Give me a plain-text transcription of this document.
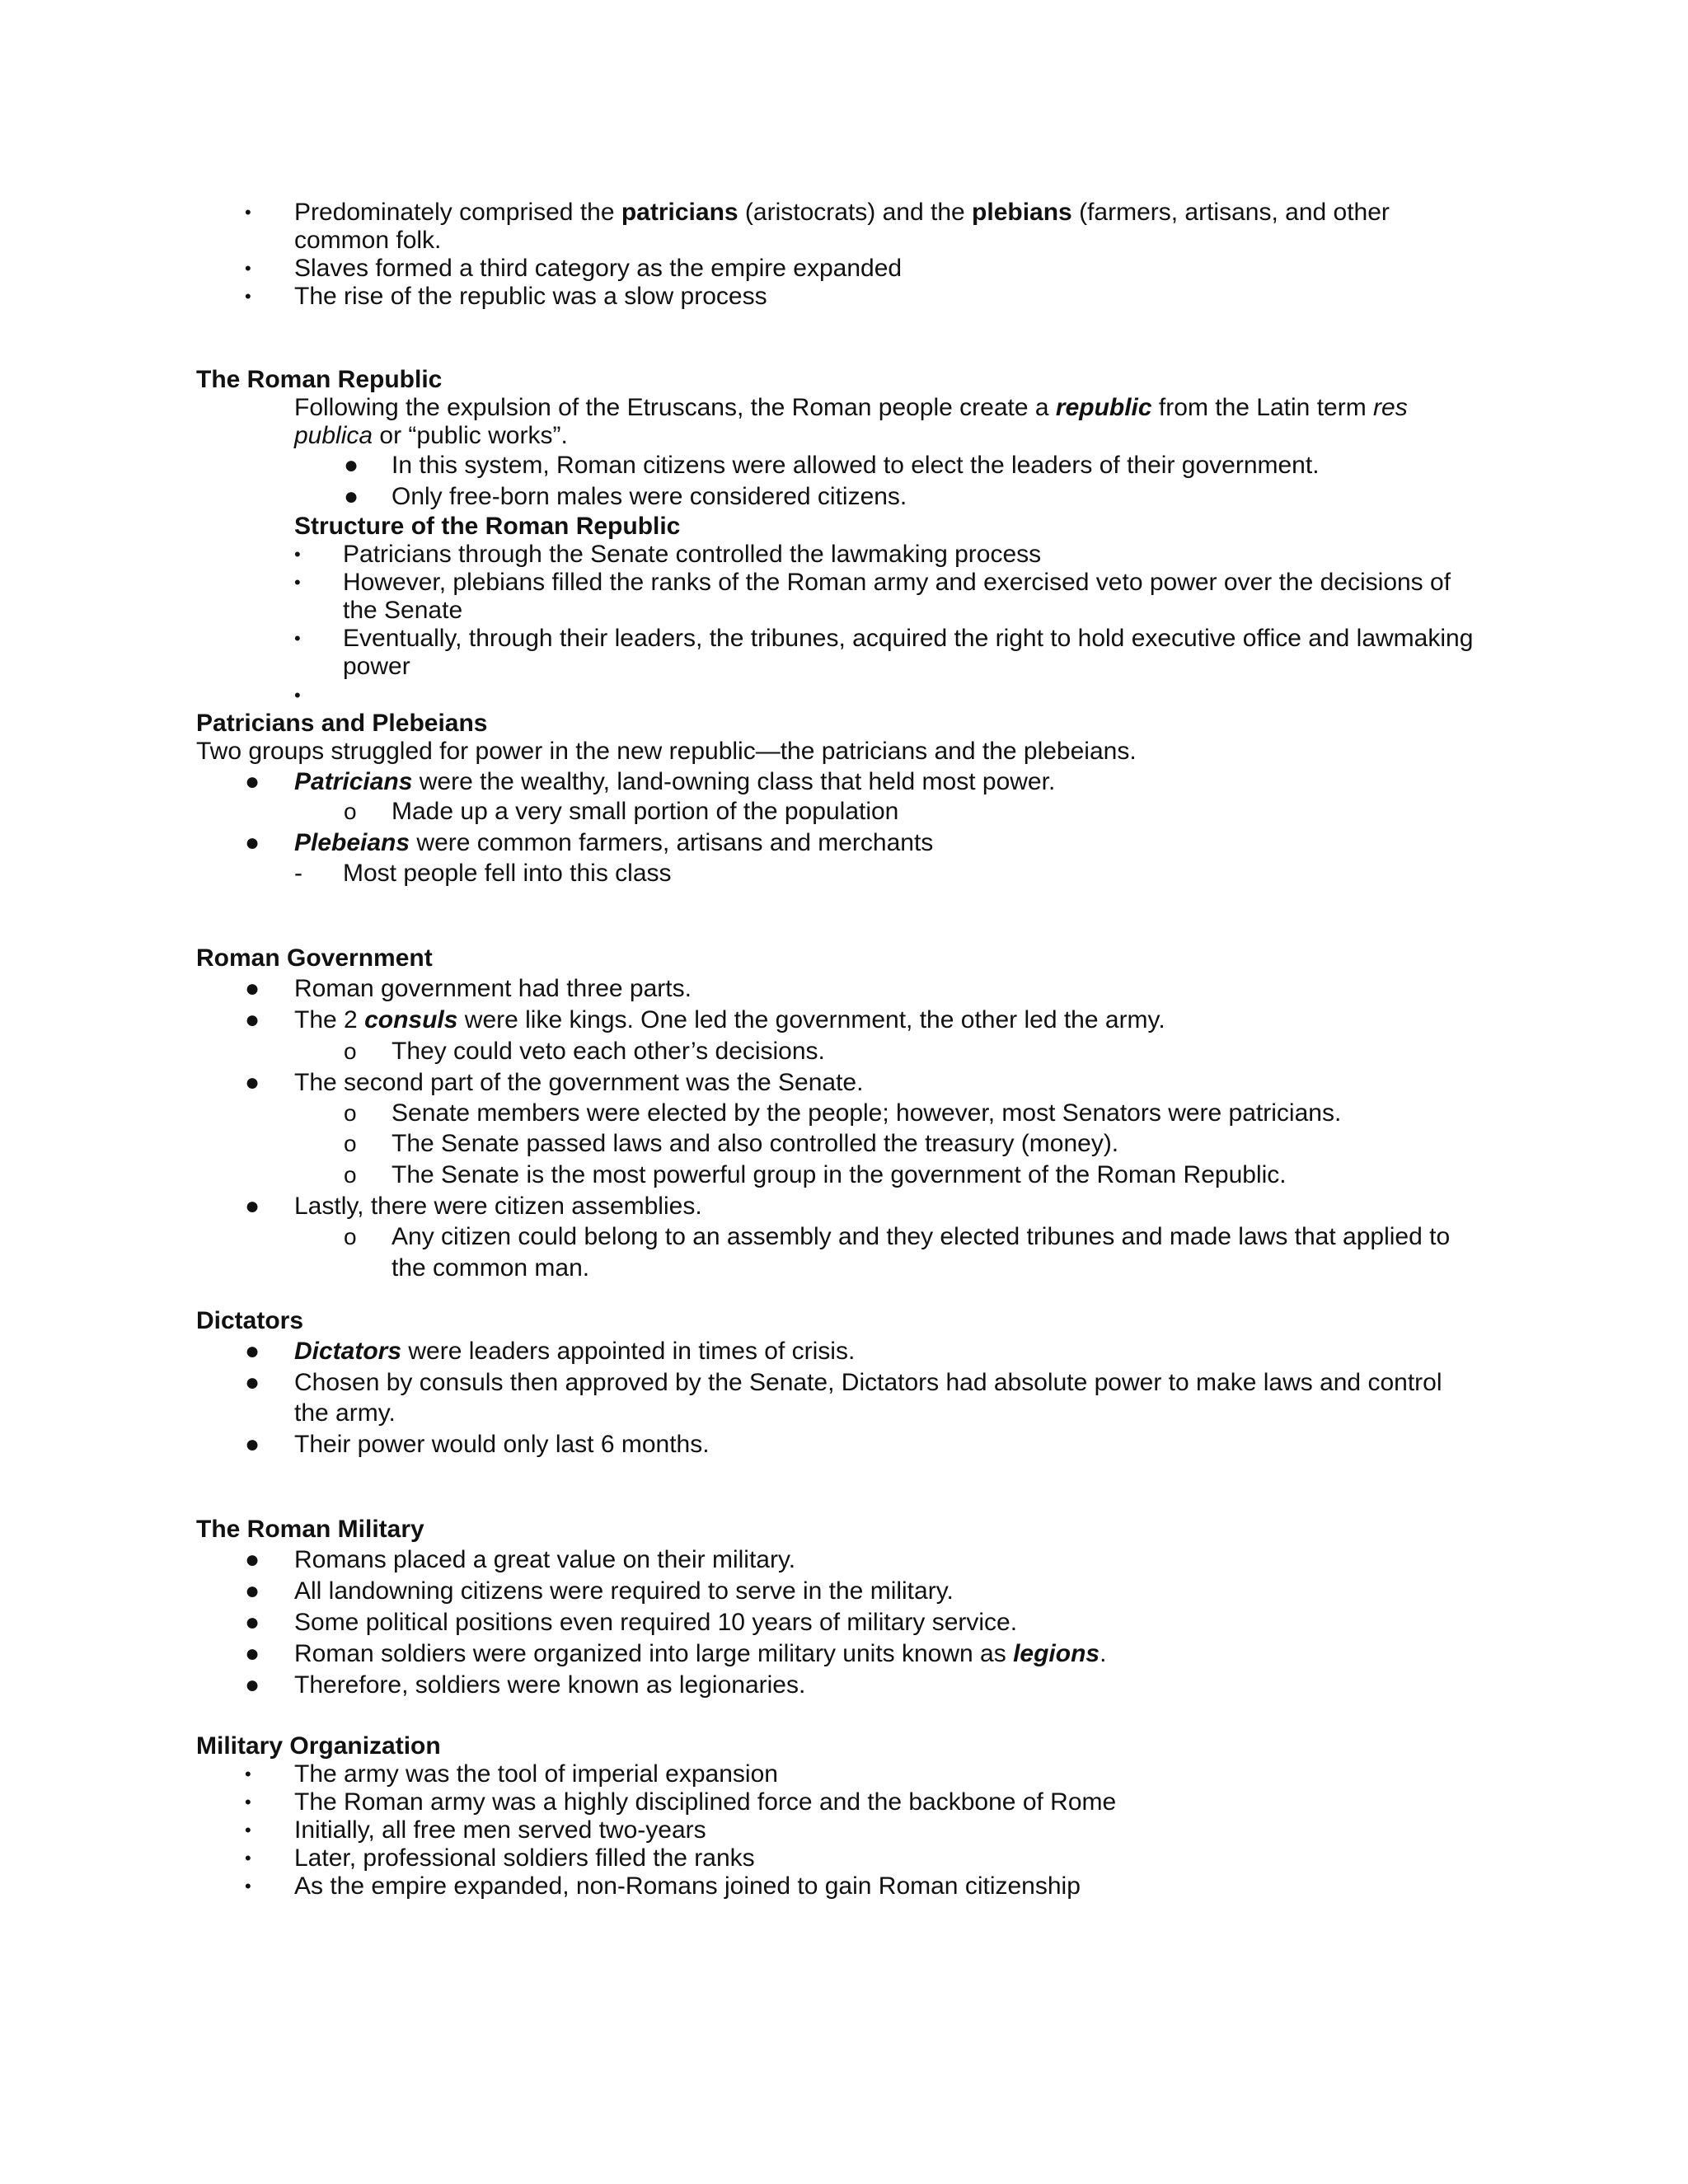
• Predominately comprised the patricians (aristocrats) and the plebians (farmers, artisans, and other
common folk.
• Slaves formed a third category as the empire expanded
• The rise of the republic was a slow process
The Roman Republic
Following the expulsion of the Etruscans, the Roman people create a republic from the Latin term res
publica or “public works”.
● In this system, Roman citizens were allowed to elect the leaders of their government.
● Only free-born males were considered citizens.
Structure of the Roman Republic
• Patricians through the Senate controlled the lawmaking process
• However, plebians filled the ranks of the Roman army and exercised veto power over the decisions of
the Senate
• Eventually, through their leaders, the tribunes, acquired the right to hold executive office and lawmaking
power
•
Patricians and Plebeians
Two groups struggled for power in the new republic—the patricians and the plebeians.
● Patricians were the wealthy, land-owning class that held most power.
o Made up a very small portion of the population
● Plebeians were common farmers, artisans and merchants
- Most people fell into this class
Roman Government
● Roman government had three parts.
● The 2 consuls were like kings. One led the government, the other led the army.
o They could veto each other’s decisions.
● The second part of the government was the Senate.
o Senate members were elected by the people; however, most Senators were patricians.
o The Senate passed laws and also controlled the treasury (money).
o The Senate is the most powerful group in the government of the Roman Republic.
● Lastly, there were citizen assemblies.
o Any citizen could belong to an assembly and they elected tribunes and made laws that applied to
the common man.
Dictators
● Dictators were leaders appointed in times of crisis.
● Chosen by consuls then approved by the Senate, Dictators had absolute power to make laws and control
the army.
● Their power would only last 6 months.
The Roman Military
● Romans placed a great value on their military.
● All landowning citizens were required to serve in the military.
● Some political positions even required 10 years of military service.
● Roman soldiers were organized into large military units known as legions.
● Therefore, soldiers were known as legionaries.
Military Organization
• The army was the tool of imperial expansion
• The Roman army was a highly disciplined force and the backbone of Rome
• Initially, all free men served two-years
• Later, professional soldiers filled the ranks
• As the empire expanded, non-Romans joined to gain Roman citizenship
